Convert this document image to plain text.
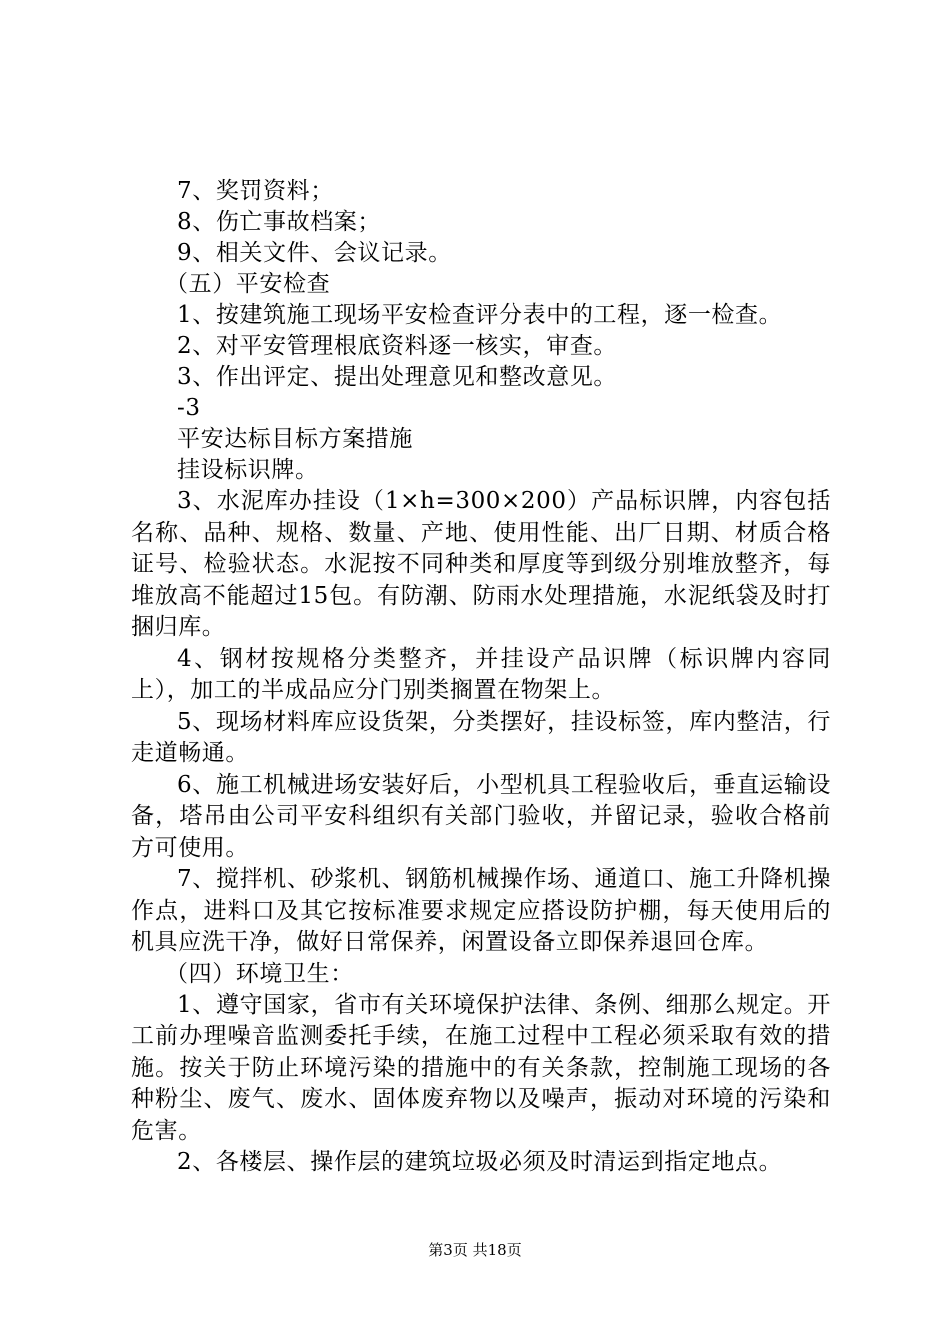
7、奖罚资料；
8、伤亡事故档案；
9、相关文件、会议记录。
（五）平安检查
1、按建筑施工现场平安检查评分表中的工程，逐一检查。
2、对平安管理根底资料逐一核实，审查。
3、作出评定、提出处理意见和整改意见。
-3
平安达标目标方案措施
挂设标识牌。
3、水泥库办挂设（1×h=300×200）产品标识牌，内容包括名称、品种、规格、数量、产地、使用性能、出厂日期、材质合格证号、检验状态。水泥按不同种类和厚度等到级分别堆放整齐，每堆放高不能超过15包。有防潮、防雨水处理措施，水泥纸袋及时打捆归库。
4、钢材按规格分类整齐，并挂设产品识牌（标识牌内容同上），加工的半成品应分门别类搁置在物架上。
5、现场材料库应设货架，分类摆好，挂设标签，库内整洁，行走道畅通。
6、施工机械进场安装好后，小型机具工程验收后，垂直运输设备，塔吊由公司平安科组织有关部门验收，并留记录，验收合格前方可使用。
7、搅拌机、砂浆机、钢筋机械操作场、通道口、施工升降机操作点，进料口及其它按标准要求规定应搭设防护棚，每天使用后的机具应洗干净，做好日常保养，闲置设备立即保养退回仓库。
（四）环境卫生：
1、遵守国家，省市有关环境保护法律、条例、细那么规定。开工前办理噪音监测委托手续，在施工过程中工程必须采取有效的措施。按关于防止环境污染的措施中的有关条款，控制施工现场的各种粉尘、废气、废水、固体废弃物以及噪声，振动对环境的污染和危害。
2、各楼层、操作层的建筑垃圾必须及时清运到指定地点。
第3页 共18页
